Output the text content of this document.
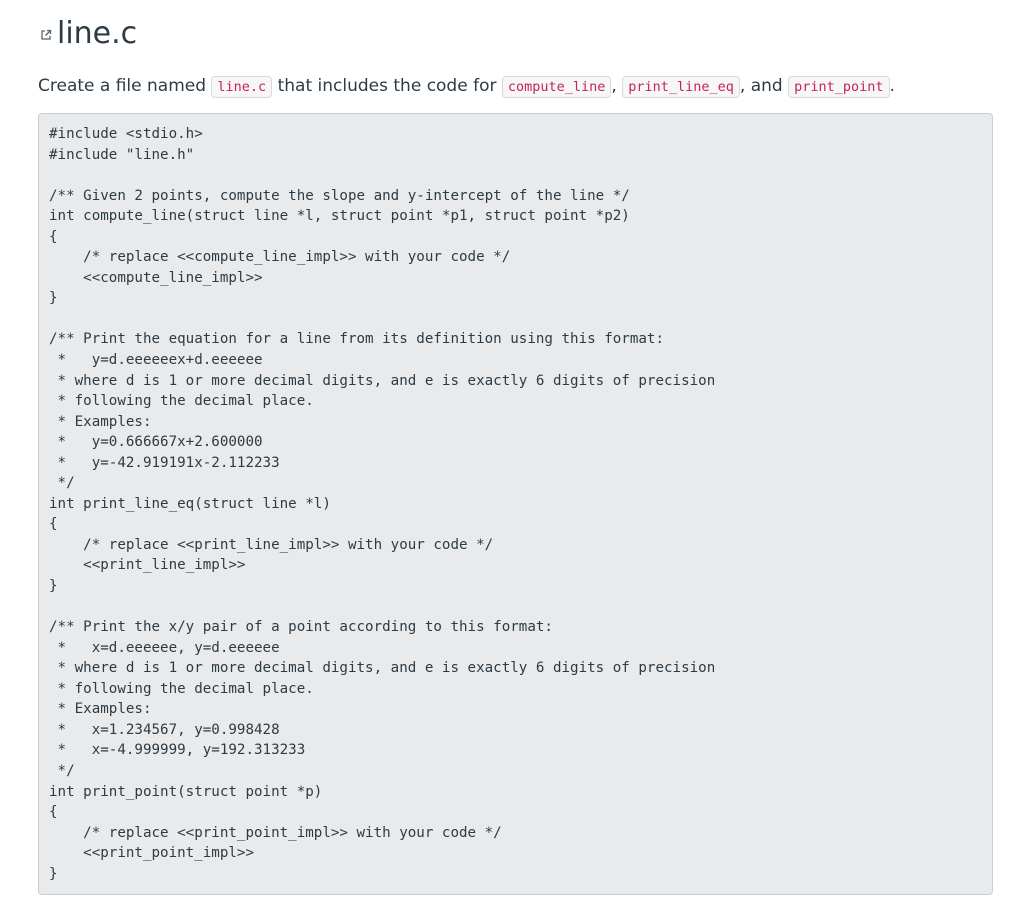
line.c
Create a file named line.c that includes the code for compute_line , print_line_eq , and print_point .
#include <stdio.h>
#include "line.h"

/** Given 2 points, compute the slope and y-intercept of the line */
int compute_line(struct line *l, struct point *p1, struct point *p2)
{
/* replace <<compute_line_impl>> with your code */
<<compute_line_impl>>
}

/** Print the equation for a line from its definition using this format:
*   y=d.eeeeeex+d.eeeeee
* where d is 1 or more decimal digits, and e is exactly 6 digits of precision
* following the decimal place.
* Examples:
*   y=0.666667x+2.600000
*   y=-42.919191x-2.112233
*/
int print_line_eq(struct line *l)
{
/* replace <<print_line_impl>> with your code */
<<print_line_impl>>
}

/** Print the x/y pair of a point according to this format:
*   x=d.eeeeee, y=d.eeeeee
* where d is 1 or more decimal digits, and e is exactly 6 digits of precision
* following the decimal place.
* Examples:
*   x=1.234567, y=0.998428
*   x=-4.999999, y=192.313233
*/
int print_point(struct point *p)
{
/* replace <<print_point_impl>> with your code */
<<print_point_impl>>
}
